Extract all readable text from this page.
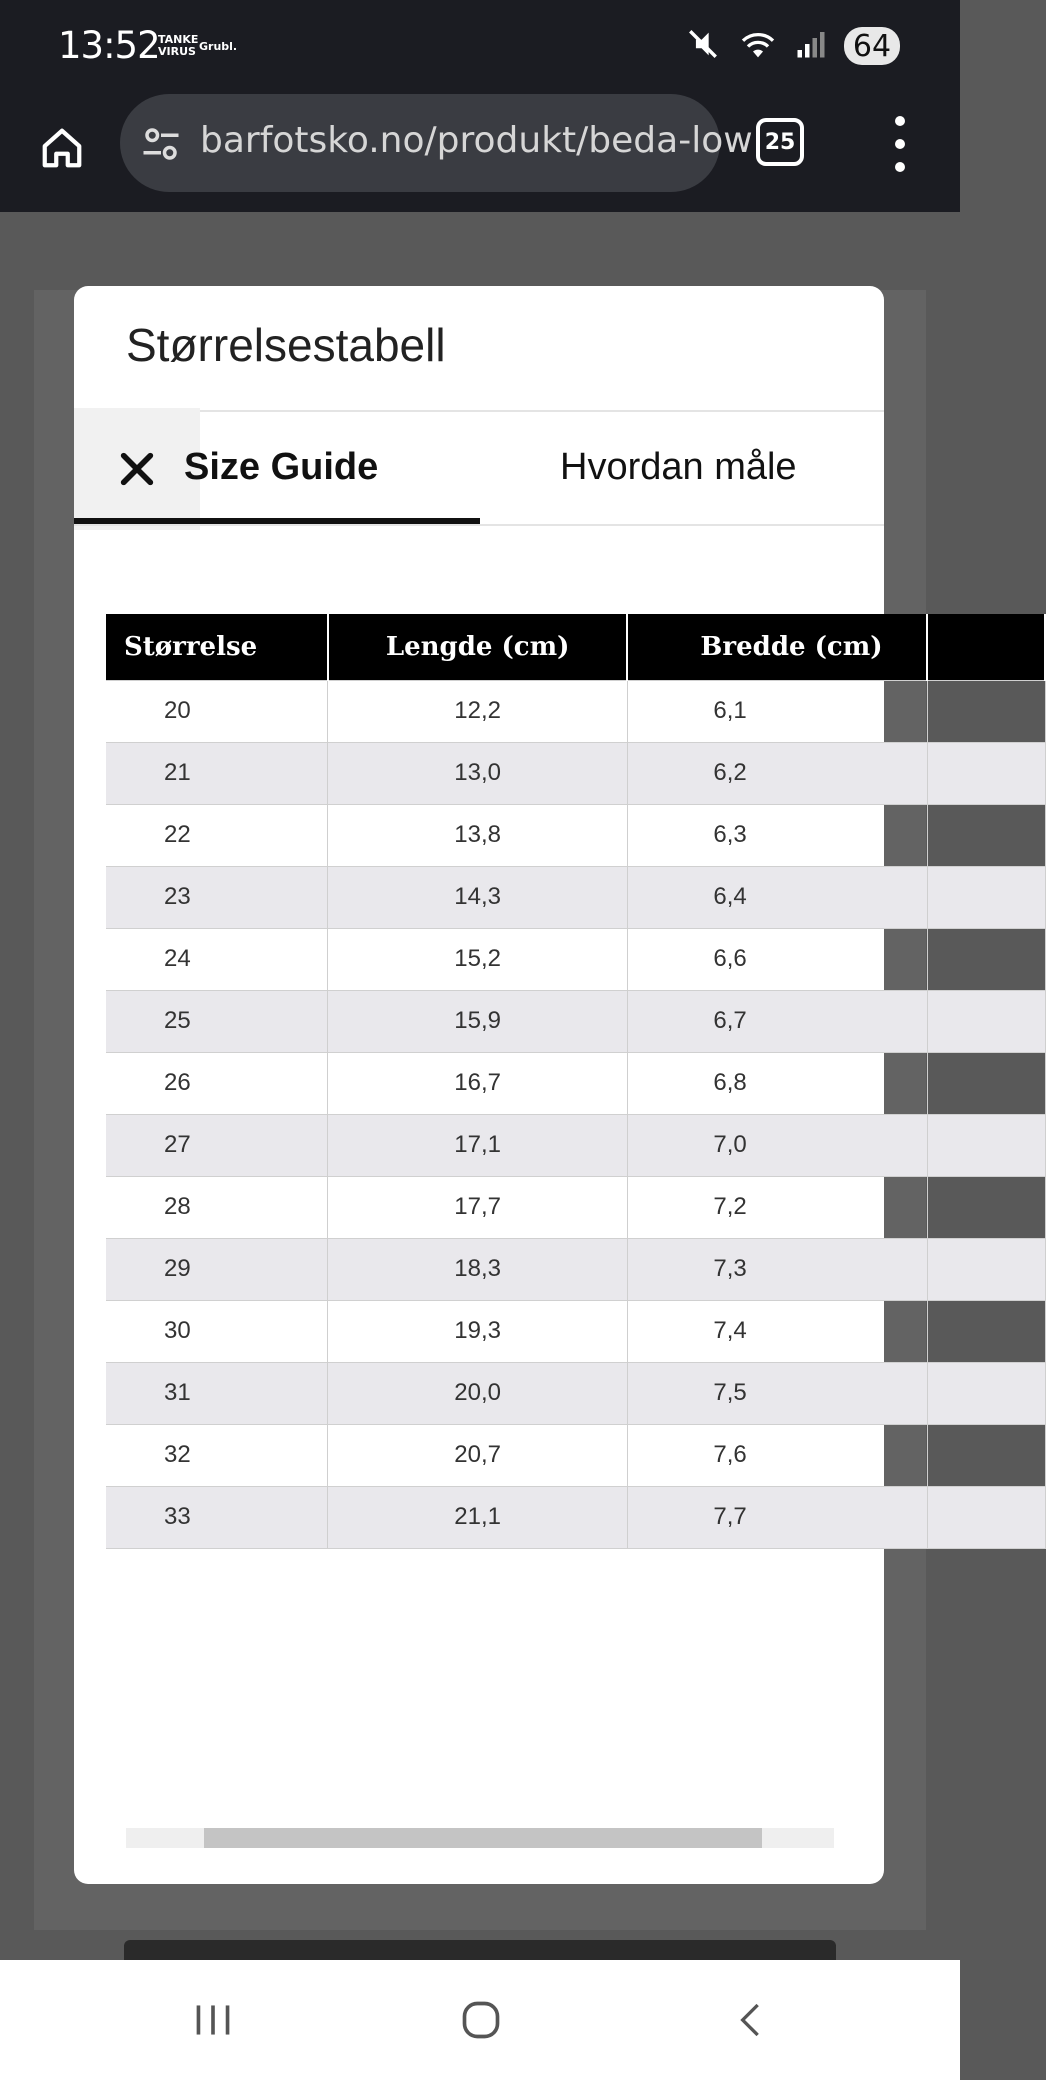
13:52
TANKE
VIRUS Grubl.	64
barfotsko.no/produkt/beda-low 25
Størrelsestabell
Size Guide	Hvordan måle
Størrelse	Lengde (cm)	Bredde (cm)	
20	12,2	6,1	
21	13,0	6,2	
22	13,8	6,3	
23	14,3	6,4	
24	15,2	6,6	
25	15,9	6,7	
26	16,7	6,8	
27	17,1	7,0	
28	17,7	7,2	
29	18,3	7,3	
30	19,3	7,4	
31	20,0	7,5	
32	20,7	7,6	
33	21,1	7,7	
